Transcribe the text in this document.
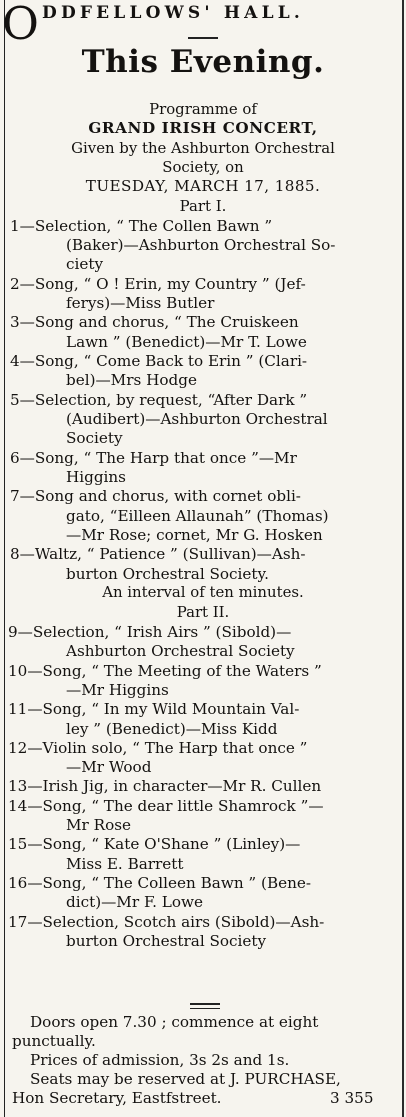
O DDFELLOWS' HALL.
This Evening.
Programme of
GRAND IRISH CONCERT,
Given by the Ashburton Orchestral
Society, on
TUESDAY, MARCH 17, 1885.
Part I.
1—Selection, “ The Collen Bawn ”
(Baker)—Ashburton Orchestral So-
ciety
2—Song, “ O ! Erin, my Country ” (Jef-
ferys)—Miss Butler
3—Song and chorus, “ The Cruiskeen
Lawn ” (Benedict)—Mr T. Lowe
4—Song, “ Come Back to Erin ” (Clari-
bel)—Mrs Hodge
5—Selection, by request, “After Dark ”
(Audibert)—Ashburton Orchestral
Society
6—Song, “ The Harp that once ”—Mr
Higgins
7—Song and chorus, with cornet obli-
gato, “Eilleen Allaunah” (Thomas)
—Mr Rose; cornet, Mr G. Hosken
8—Waltz, “ Patience ” (Sullivan)—Ash-
burton Orchestral Society.
An interval of ten minutes.
Part II.
9—Selection, “ Irish Airs ” (Sibold)—
Ashburton Orchestral Society
10—Song, “ The Meeting of the Waters ”
—Mr Higgins
11—Song, “ In my Wild Mountain Val-
ley ” (Benedict)—Miss Kidd
12—Violin solo, “ The Harp that once ”
—Mr Wood
13—Irish Jig, in character—Mr R. Cullen
14—Song, “ The dear little Shamrock ”—
Mr Rose
15—Song, “ Kate O'Shane ” (Linley)—
Miss E. Barrett
16—Song, “ The Colleen Bawn ” (Bene-
dict)—Mr F. Lowe
17—Selection, Scotch airs (Sibold)—Ash-
burton Orchestral Society
Doors open 7.30 ; commence at eight
punctually.
Prices of admission, 3s 2s and 1s.
Seats may be reserved at J. PURCHASE,
Hon Secretary, Eastfstreet.	3 355
